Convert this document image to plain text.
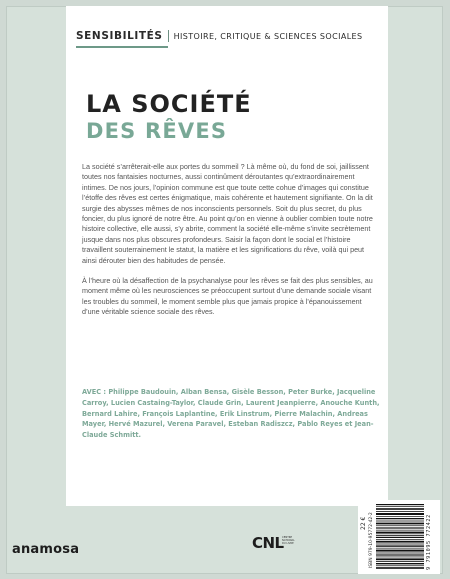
SENSIBILITÉS HISTOIRE, CRITIQUE & SCIENCES SOCIALES
LA SOCIÉTÉ
DES RÊVES

La société s’arrêterait-elle aux portes du sommeil ? Là même où, du fond de soi, jaillissent toutes nos fantaisies nocturnes, aussi continûment déroutantes qu’extraordinairement intimes. De nos jours, l’opinion commune est que toute cette cohue d’images qui constitue l’étoffe des rêves est certes énigmatique, mais cohérente et hautement signifiante. On la dit surgie des abysses mêmes de nos inconscients personnels. Soit du plus secret, du plus foncier, du plus ignoré de notre être. Au point qu’on en vienne à oublier combien toute notre histoire collective, elle aussi, s’y abrite, comment la société elle-même s’invite secrètement jusque dans nos plus obscures profondeurs. Saisir la façon dont le social et l’histoire travaillent souterrainement le statut, la matière et les significations du rêve, voilà qui peut ainsi dérouter bien des habitudes de pensée.

À l’heure où la désaffection de la psychanalyse pour les rêves se fait des plus sensibles, au moment même où les neurosciences se préoccupent surtout d’une demande sociale visant les troubles du sommeil, le moment semble plus que jamais propice à l’épanouissement d’une véritable science sociale des rêves.

AVEC : Philippe Baudouin, Alban Bensa, Gisèle Besson, Peter Burke, Jacqueline Carroy, Lucien Castaing-Taylor, Claude Grin, Laurent Jeanpierre, Anouche Kunth, Bernard Lahire, François Laplantine, Erik Linstrum, Pierre Malachin, Andreas Mayer, Hervé Mazurel, Verena Paravel, Esteban Radiszcz, Pablo Reyes et Jean-Claude Schmitt.
anamosa	CNL
CENTRE NATIONAL DU LIVRE
22 € ISBN 979-10-95772-42-2	9 791095 772422
